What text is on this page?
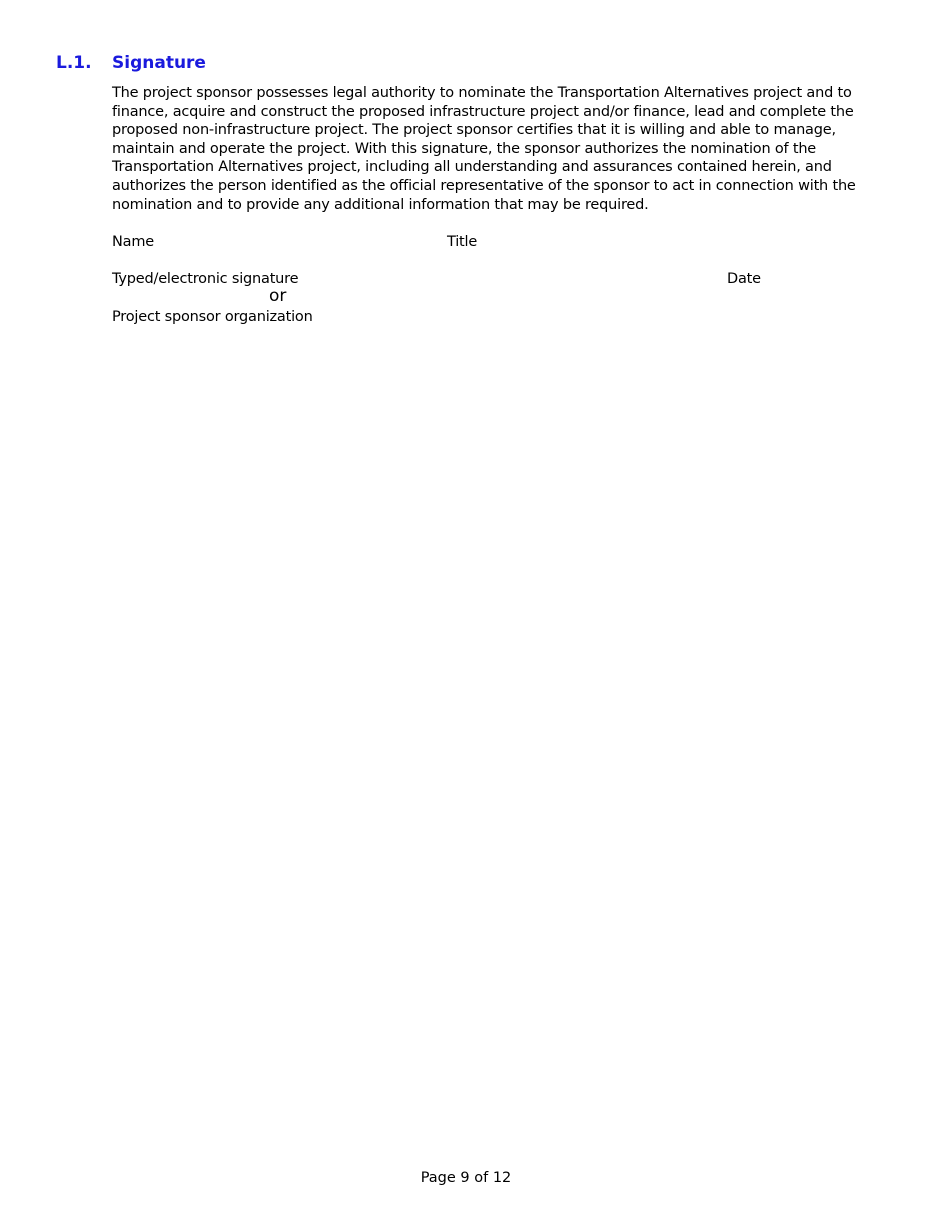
L.1. Signature

The project sponsor possesses legal authority to nominate the Transportation Alternatives project and to finance, acquire and construct the proposed infrastructure project and/or finance, lead and complete the proposed non-infrastructure project. The project sponsor certifies that it is willing and able to manage, maintain and operate the project. With this signature, the sponsor authorizes the nomination of the Transportation Alternatives project, including all understanding and assurances contained herein, and authorizes the person identified as the official representative of the sponsor to act in connection with the nomination and to provide any additional information that may be required.

Name	Title
Typed/electronic signature
or
Date
Project sponsor organization
Page 9 of 12
